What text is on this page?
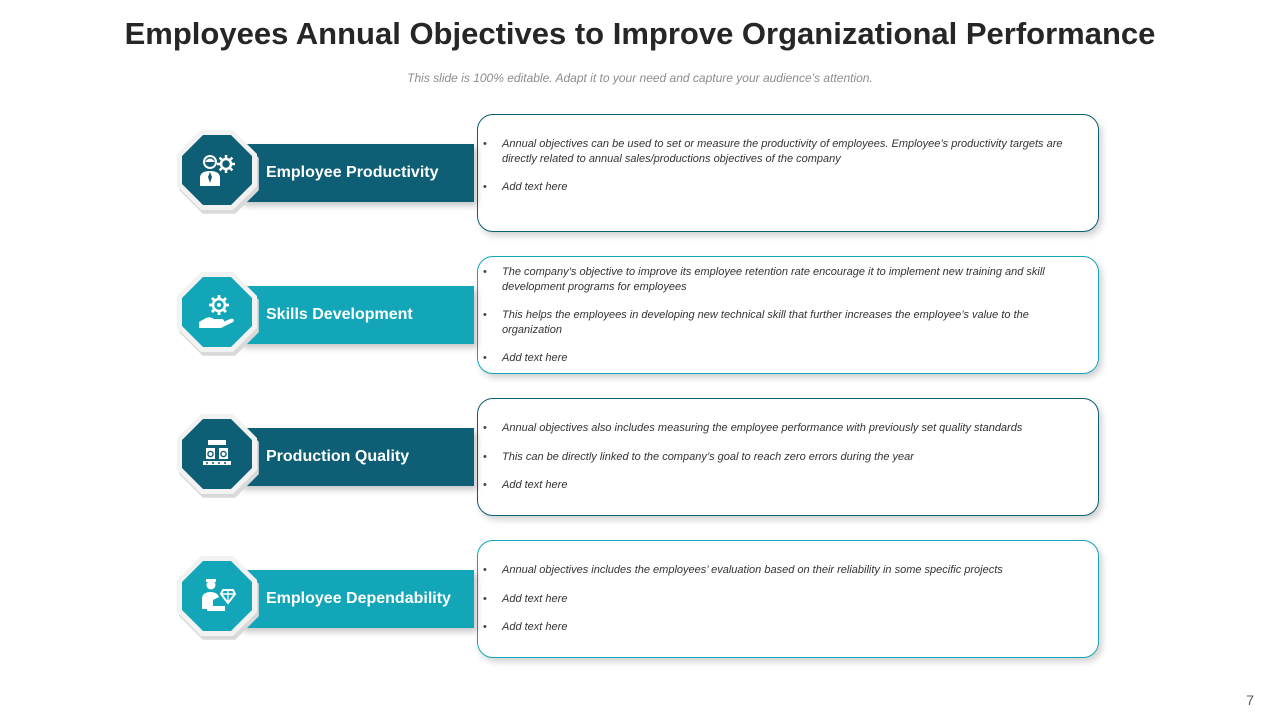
Employees Annual Objectives to Improve Organizational Performance
This slide is 100% editable. Adapt it to your need and capture your audience’s attention.
• Annual objectives can be used to set or measure the productivity of employees. Employee’s productivity targets are directly related to annual sales/productions objectives of the company
• Add text here
Employee Productivity
• The company’s objective to improve its employee retention rate encourage it to implement new training and skill development programs for employees
• This helps the employees in developing new technical skill that further increases the employee’s value to the organization
• Add text here
Skills Development
• Annual objectives also includes measuring the employee performance with previously set quality standards
• This can be directly linked to the company’s goal to reach zero errors during the year
• Add text here
Production Quality
• Annual objectives includes the employees’ evaluation based on their reliability in some specific projects
• Add text here
• Add text here
Employee Dependability
7
